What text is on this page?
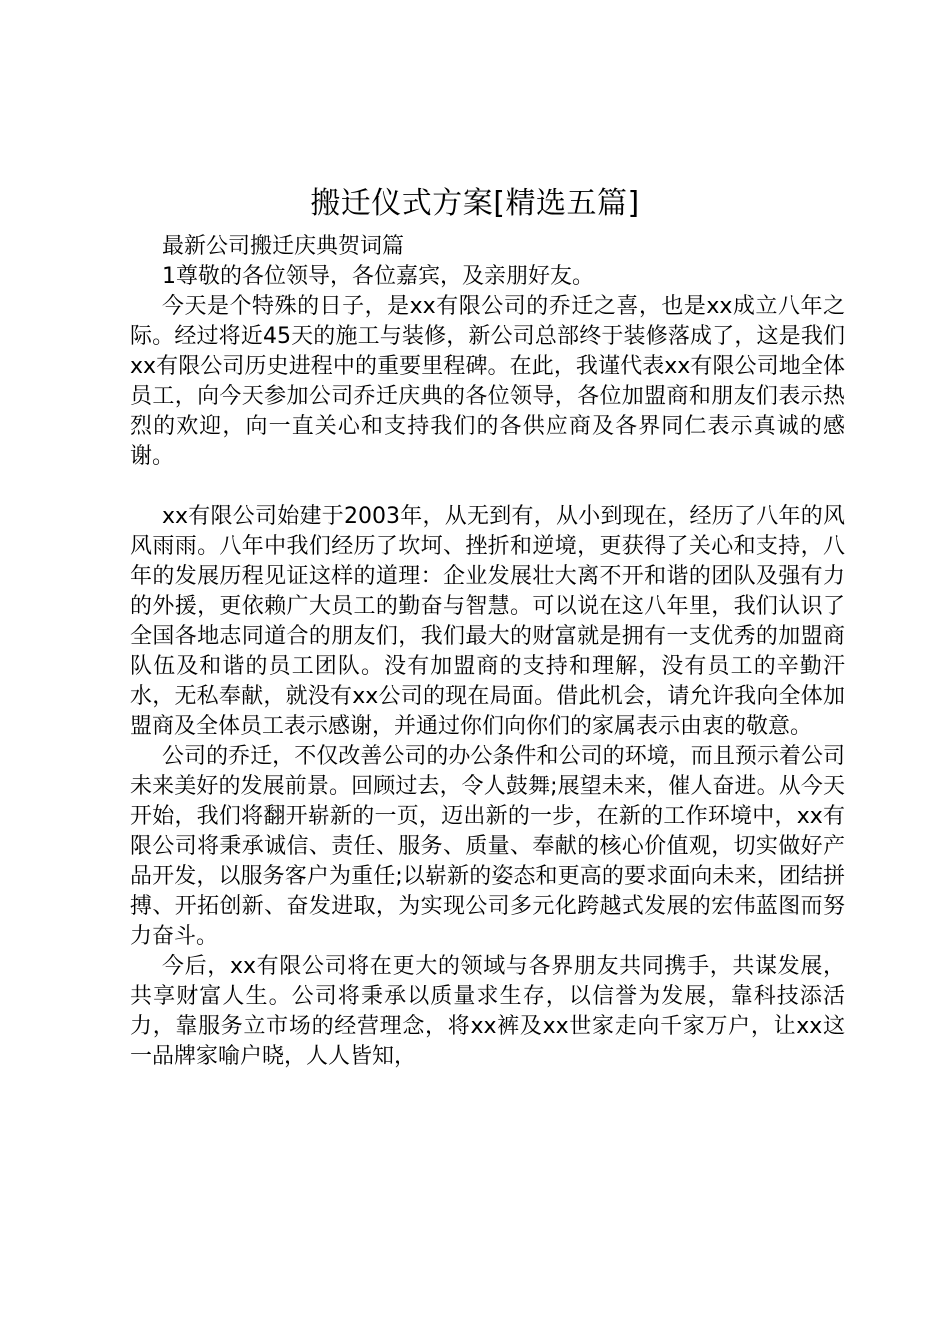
搬迁仪式方案[精选五篇]

最新公司搬迁庆典贺词篇

1尊敬的各位领导，各位嘉宾，及亲朋好友。

今天是个特殊的日子，是xx有限公司的乔迁之喜，也是xx成立八年之际。经过将近45天的施工与装修，新公司总部终于装修落成了，这是我们xx有限公司历史进程中的重要里程碑。在此，我谨代表xx有限公司地全体员工，向今天参加公司乔迁庆典的各位领导，各位加盟商和朋友们表示热烈的欢迎，向一直关心和支持我们的各供应商及各界同仁表示真诚的感谢。

xx有限公司始建于2003年，从无到有，从小到现在，经历了八年的风风雨雨。八年中我们经历了坎坷、挫折和逆境，更获得了关心和支持，八年的发展历程见证这样的道理：企业发展壮大离不开和谐的团队及强有力的外援，更依赖广大员工的勤奋与智慧。可以说在这八年里，我们认识了全国各地志同道合的朋友们，我们最大的财富就是拥有一支优秀的加盟商队伍及和谐的员工团队。没有加盟商的支持和理解，没有员工的辛勤汗水，无私奉献，就没有xx公司的现在局面。借此机会，请允许我向全体加盟商及全体员工表示感谢，并通过你们向你们的家属表示由衷的敬意。

公司的乔迁，不仅改善公司的办公条件和公司的环境，而且预示着公司未来美好的发展前景。回顾过去，令人鼓舞;展望未来，催人奋进。从今天开始，我们将翻开崭新的一页，迈出新的一步，在新的工作环境中，xx有限公司将秉承诚信、责任、服务、质量、奉献的核心价值观，切实做好产品开发，以服务客户为重任;以崭新的姿态和更高的要求面向未来，团结拼搏、开拓创新、奋发进取，为实现公司多元化跨越式发展的宏伟蓝图而努力奋斗。

今后，xx有限公司将在更大的领域与各界朋友共同携手，共谋发展，共享财富人生。公司将秉承以质量求生存，以信誉为发展，靠科技添活力，靠服务立市场的经营理念，将xx裤及xx世家走向千家万户，让xx这一品牌家喻户晓，人人皆知，
